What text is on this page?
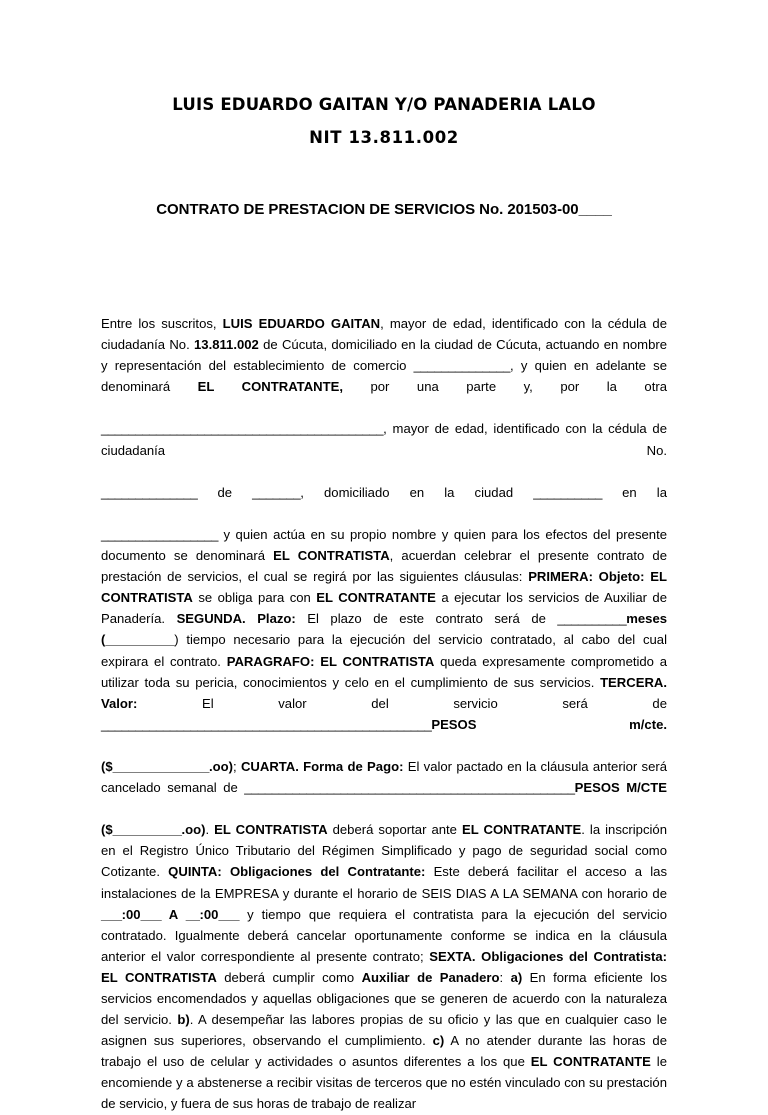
LUIS EDUARDO GAITAN Y/O PANADERIA LALO
NIT 13.811.002
CONTRATO DE PRESTACION DE SERVICIOS No. 201503-00____

Entre los suscritos, LUIS EDUARDO GAITAN, mayor de edad, identificado con la cédula de ciudadanía No. 13.811.002 de Cúcuta, domiciliado en la ciudad de Cúcuta, actuando en nombre y representación del establecimiento de comercio ______________, y quien en adelante se denominará EL CONTRATANTE, por una parte y, por la otra_________________________________________, mayor de edad, identificado con la cédula de ciudadanía No. ______________ de _______, domiciliado en la ciudad __________ en la_________________ y quien actúa en su propio nombre y quien para los efectos del presente documento se denominará EL CONTRATISTA, acuerdan celebrar el presente contrato de prestación de servicios, el cual se regirá por las siguientes cláusulas: PRIMERA: Objeto: EL CONTRATISTA se obliga para con EL CONTRATANTE a ejecutar los servicios de Auxiliar de Panadería. SEGUNDA. Plazo: El plazo de este contrato será de __________meses (__________) tiempo necesario para la ejecución del servicio contratado, al cabo del cual expirara el contrato. PARAGRAFO: EL CONTRATISTA queda expresamente comprometido a utilizar toda su pericia, conocimientos y celo en el cumplimiento de sus servicios. TERCERA. Valor: El valor del servicio será de ________________________________________________PESOS m/cte.($______________.oo); CUARTA. Forma de Pago: El valor pactado en la cláusula anterior será cancelado semanal de ________________________________________________PESOS M/CTE($__________.oo). EL CONTRATISTA deberá soportar ante EL CONTRATANTE. la inscripción en el Registro Único Tributario del Régimen Simplificado y pago de seguridad social como Cotizante. QUINTA: Obligaciones del Contratante: Este deberá facilitar el acceso a las instalaciones de la EMPRESA y durante el horario de SEIS DIAS A LA SEMANA con horario de ___:00___ A __:00___ y tiempo que requiera el contratista para la ejecución del servicio contratado. Igualmente deberá cancelar oportunamente conforme se indica en la cláusula anterior el valor correspondiente al presente contrato; SEXTA. Obligaciones del Contratista: EL CONTRATISTA deberá cumplir como Auxiliar de Panadero: a) En forma eficiente los servicios encomendados y aquellas obligaciones que se generen de acuerdo con la naturaleza del servicio. b). A desempeñar las labores propias de su oficio y las que en cualquier caso le asignen sus superiores, observando el cumplimiento. c) A no atender durante las horas de trabajo el uso de celular y actividades o asuntos diferentes a los que EL CONTRATANTE le encomiende y a abstenerse a recibir visitas de terceros que no estén vinculado con su prestación de servicio, y fuera de sus horas de trabajo de realizar
